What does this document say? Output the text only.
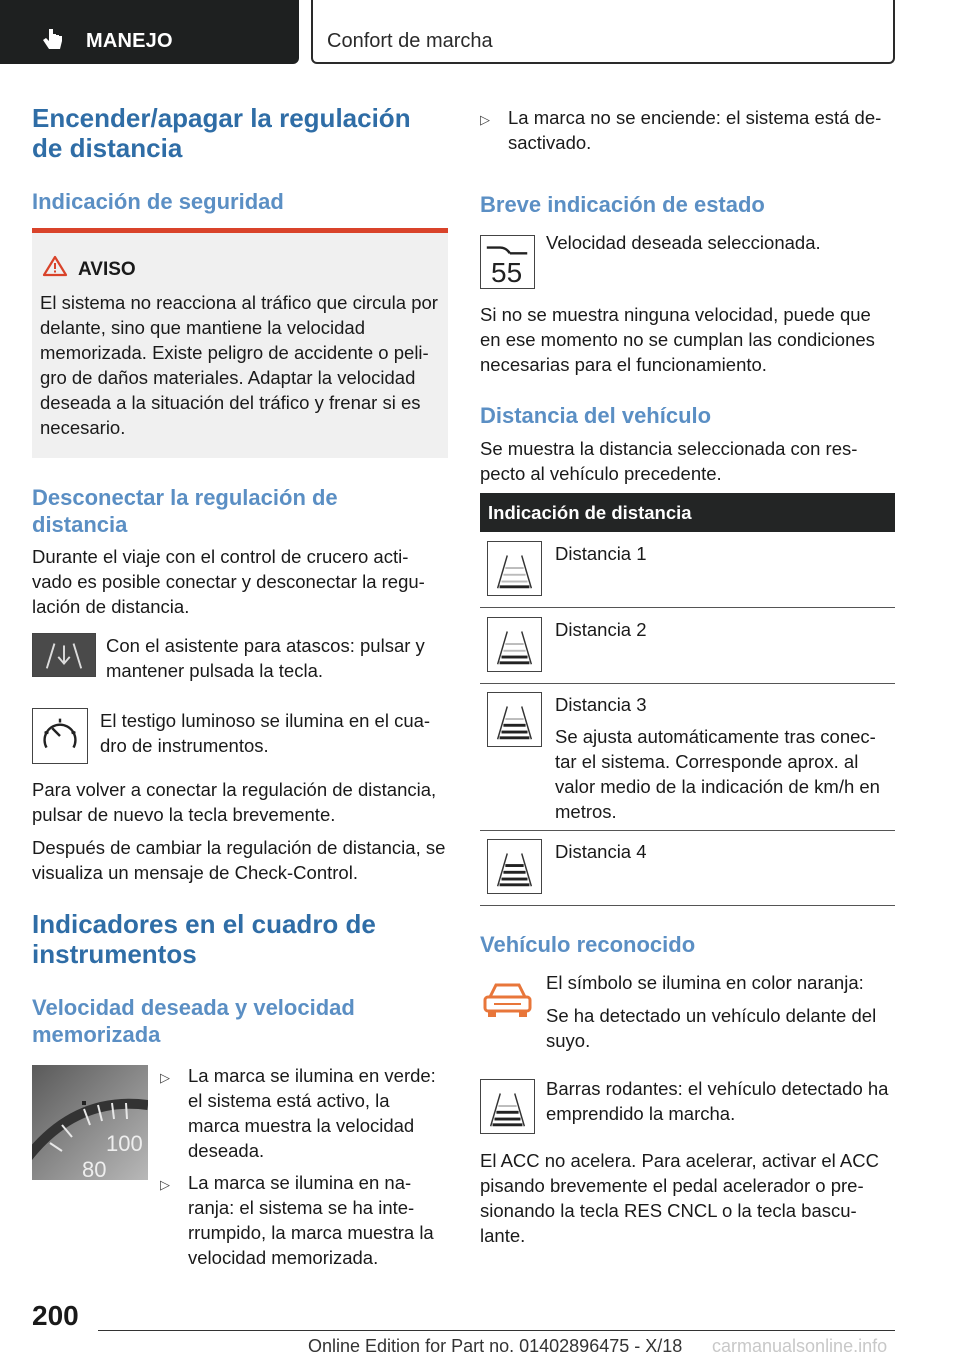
MANEJO	Confort de marcha
Encender/apagar la regulación de distancia
Indicación de seguridad
AVISO
El sistema no reacciona al tráfico que circula por delante, sino que mantiene la velocidad memorizada. Existe peligro de accidente o peli-gro de daños materiales. Adaptar la velocidad deseada a la situación del tráfico y frenar si es necesario.
Desconectar la regulación de distancia
Durante el viaje con el control de crucero acti-vado es posible conectar y desconectar la regu-lación de distancia.
Con el asistente para atascos: pulsar y mantener pulsada la tecla.
El testigo luminoso se ilumina en el cua-dro de instrumentos.
Para volver a conectar la regulación de distancia, pulsar de nuevo la tecla brevemente.
Después de cambiar la regulación de distancia, se visualiza un mensaje de Check-Control.
Indicadores en el cuadro de instrumentos
Velocidad deseada y velocidad memorizada
100
80
▷ La marca se ilumina en verde: el sistema está activo, la marca muestra la velocidad deseada.
▷ La marca se ilumina en na-ranja: el sistema se ha inte-rrumpido, la marca muestra la velocidad memorizada.
▷ La marca no se enciende: el sistema está de-sactivado.
Breve indicación de estado
55
Velocidad deseada seleccionada.
Si no se muestra ninguna velocidad, puede que en ese momento no se cumplan las condiciones necesarias para el funcionamiento.
Distancia del vehículo
Se muestra la distancia seleccionada con res-pecto al vehículo precedente.
Indicación de distancia
Distancia 1
Distancia 2
Distancia 3
Se ajusta automáticamente tras conec-tar el sistema. Corresponde aprox. al valor medio de la indicación de km/h en metros.
Distancia 4
Vehículo reconocido
El símbolo se ilumina en color naranja:
Se ha detectado un vehículo delante del suyo.
Barras rodantes: el vehículo detectado ha emprendido la marcha.
El ACC no acelera. Para acelerar, activar el ACC pisando brevemente el pedal acelerador o pre-sionando la tecla RES CNCL o la tecla bascu-lante.
200
Online Edition for Part no. 01402896475 - X/18 carmanualsonline.info
